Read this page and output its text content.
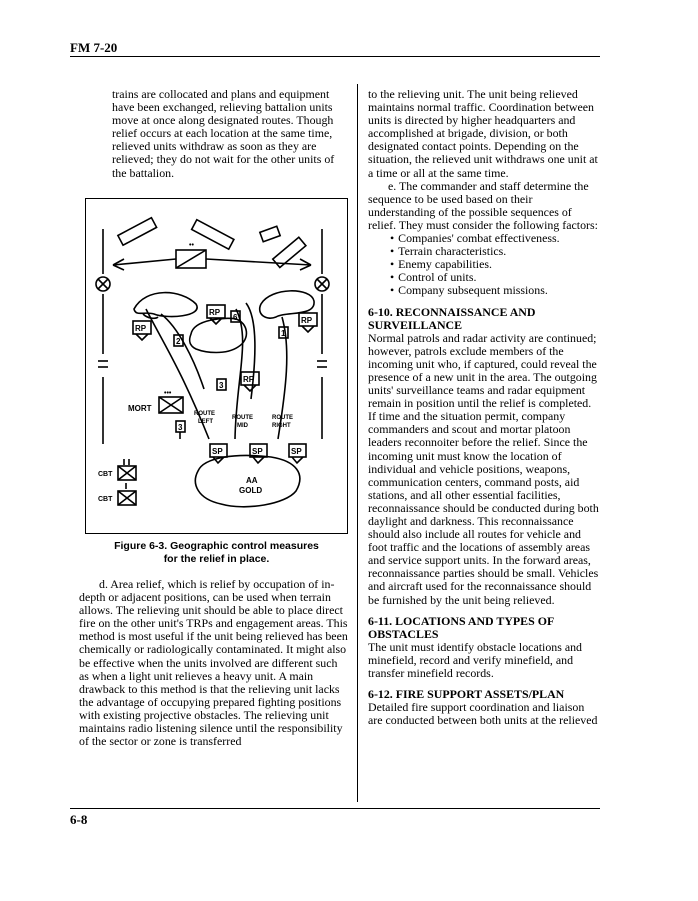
FM 7-20

trains are collocated and plans and equipment have been exchanged, relieving battalion units move at once along designated routes. Though relief occurs at each location at the same time, relieved units withdraw as soon as they are relieved; they do not wait for the other units of the battalion.

RP
RP
RP
RP
SP	SP	SP
2
6
1
3
3
MORT
•••
••
ROUTE
LEFT
ROUTE
MID
ROUTE
RIGHT
CBT
CBT
AA
GOLD
Figure 6-3. Geographic control measures
for the relief in place.

d. Area relief, which is relief by occupation of in-depth or adjacent positions, can be used when terrain allows. The relieving unit should be able to place direct fire on the other unit's TRPs and engagement areas. This method is most useful if the unit being relieved has been chemically or radiologically contaminated. It might also be effective when the units involved are different such as when a light unit relieves a heavy unit. A main drawback to this method is that the relieving unit lacks the advantage of occupying prepared fighting positions with existing projective obstacles. The relieving unit maintains radio listening silence until the responsibility of the sector or zone is transferred

to the relieving unit. The unit being relieved maintains normal traffic. Coordination between units is directed by higher headquarters and accomplished at brigade, division, or both designated contact points. Depending on the situation, the relieved unit withdraws one unit at a time or all at the same time.

e. The commander and staff determine the sequence to be used based on their understanding of the possible sequences of relief. They must consider the following factors:

• Companies' combat effectiveness.
• Terrain characteristics.
• Enemy capabilities.
• Control of units.
• Company subsequent missions.

6-10. RECONNAISSANCE AND SURVEILLANCE

Normal patrols and radar activity are continued; however, patrols exclude members of the incoming unit who, if captured, could reveal the presence of a new unit in the area. The outgoing units' surveillance teams and radar equipment remain in position until the relief is completed. If time and the situation permit, company commanders and scout and mortar platoon leaders reconnoiter before the relief. Since the incoming unit must know the location of individual and vehicle positions, weapons, communication centers, command posts, aid stations, and all other essential facilities, reconnaissance should be conducted during both daylight and darkness. This reconnaissance should also include all routes for vehicle and foot traffic and the locations of assembly areas and service support units. In the forward areas, reconnaissance parties should be small. Vehicles and aircraft used for the reconnaissance should be furnished by the unit being relieved.

6-11. LOCATIONS AND TYPES OF OBSTACLES

The unit must identify obstacle locations and minefield, record and verify minefield, and transfer minefield records.

6-12. FIRE SUPPORT ASSETS/PLAN

Detailed fire support coordination and liaison are conducted between both units at the relieved

6-8
